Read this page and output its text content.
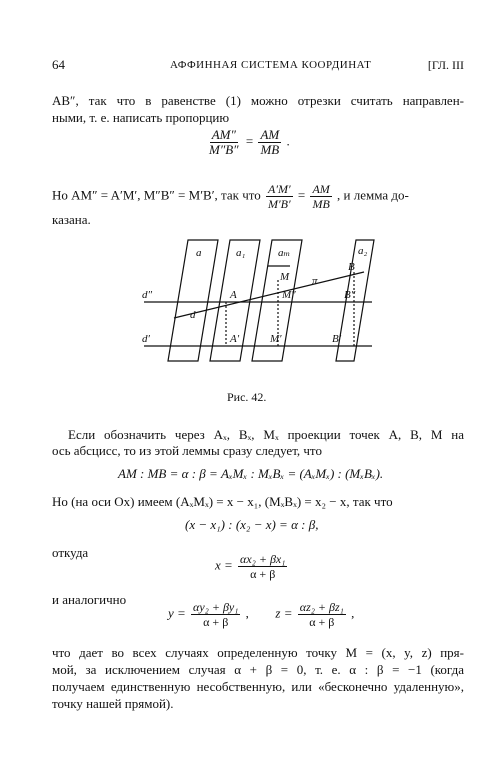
64	АФФИННАЯ СИСТЕМА КООРДИНАТ	[ГЛ. III
AB″, так что в равенстве (1) можно отрезки считать направлен-
ными, т. е. написать пропорцию
$\frac{AM''}{M''B''} = \frac{AM}{MB}$ .
Но AM″ = A′M′, M″B″ = M′B′, так что $\frac{A'M'}{M'B'} = \frac{AM}{MB}$ , и лемма до-
казана.
a	a₁	aₘ	a₂
d″
d′
d
A
M
B
M″	B″
π
A′	M′	B′
Рис. 42.
Если обозначить через Aₓ, Bₓ, Mₓ проекции точек A, B, M на
ось абсцисс, то из этой леммы сразу следует, что
AM : MB = α : β = AₓMₓ : MₓBₓ = (AₓMₓ) : (MₓBₓ).
Но (на оси Ox) имеем (AₓMₓ) = x − x₁, (MₓBₓ) = x₂ − x, так что
(x − x₁) : (x₂ − x) = α : β,
откуда
$x = \frac{\text{αx₂ + βx₁}}{\alpha + \beta}$
и аналогично
$y = \frac{\text{αy₂ + βy₁}}{\alpha + \beta}$ , $z = \frac{\text{αz₂ + βz₁}}{\alpha + \beta}$ ,
что дает во всех случаях определенную точку M = (x, y, z) пря-
мой, за исключением случая α + β = 0, т. е. α : β = −1 (когда
получаем единственную несобственную, или «бесконечно удаленную»,
точку нашей прямой).
